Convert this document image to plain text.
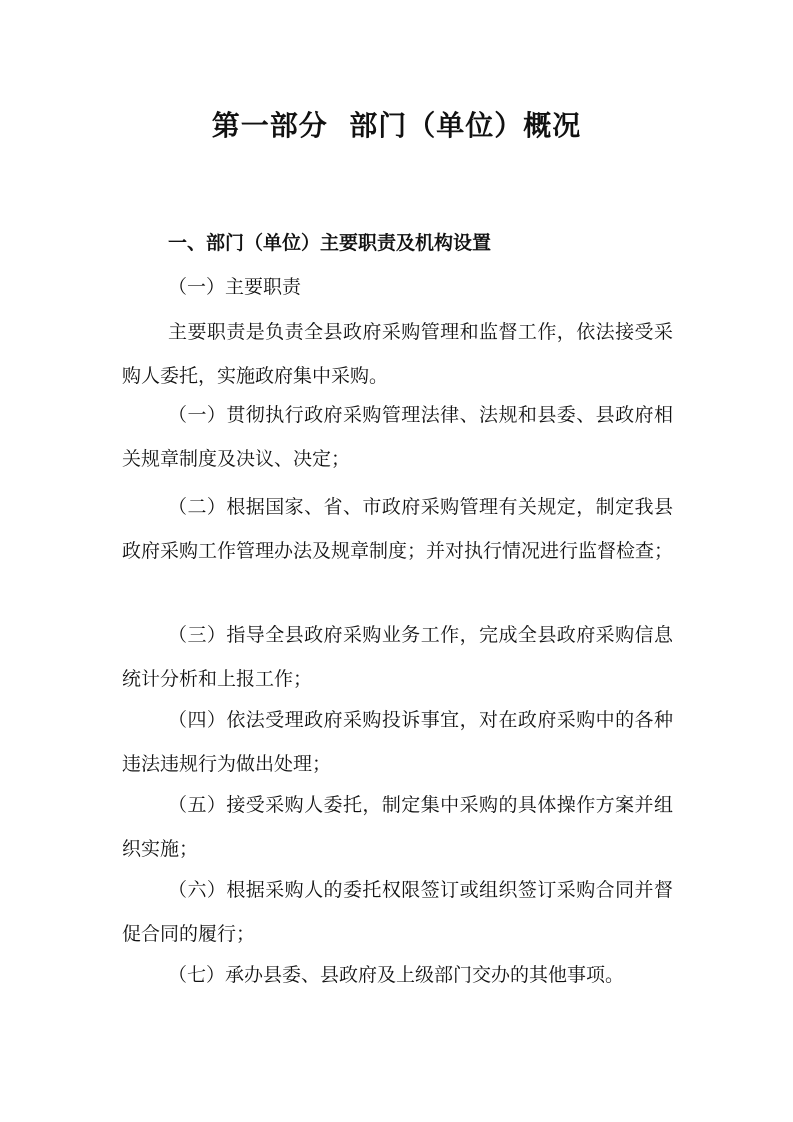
第一部分  部门（单位）概况
一、部门（单位）主要职责及机构设置
（一）主要职责

主要职责是负责全县政府采购管理和监督工作，依法接受采购人委托，实施政府集中采购。

（一）贯彻执行政府采购管理法律、法规和县委、县政府相关规章制度及决议、决定；

（二）根据国家、省、市政府采购管理有关规定，制定我县政府采购工作管理办法及规章制度；并对执行情况进行监督检查；

（三）指导全县政府采购业务工作，完成全县政府采购信息统计分析和上报工作；

（四）依法受理政府采购投诉事宜，对在政府采购中的各种违法违规行为做出处理；

（五）接受采购人委托，制定集中采购的具体操作方案并组织实施；

（六）根据采购人的委托权限签订或组织签订采购合同并督促合同的履行；

（七）承办县委、县政府及上级部门交办的其他事项。
